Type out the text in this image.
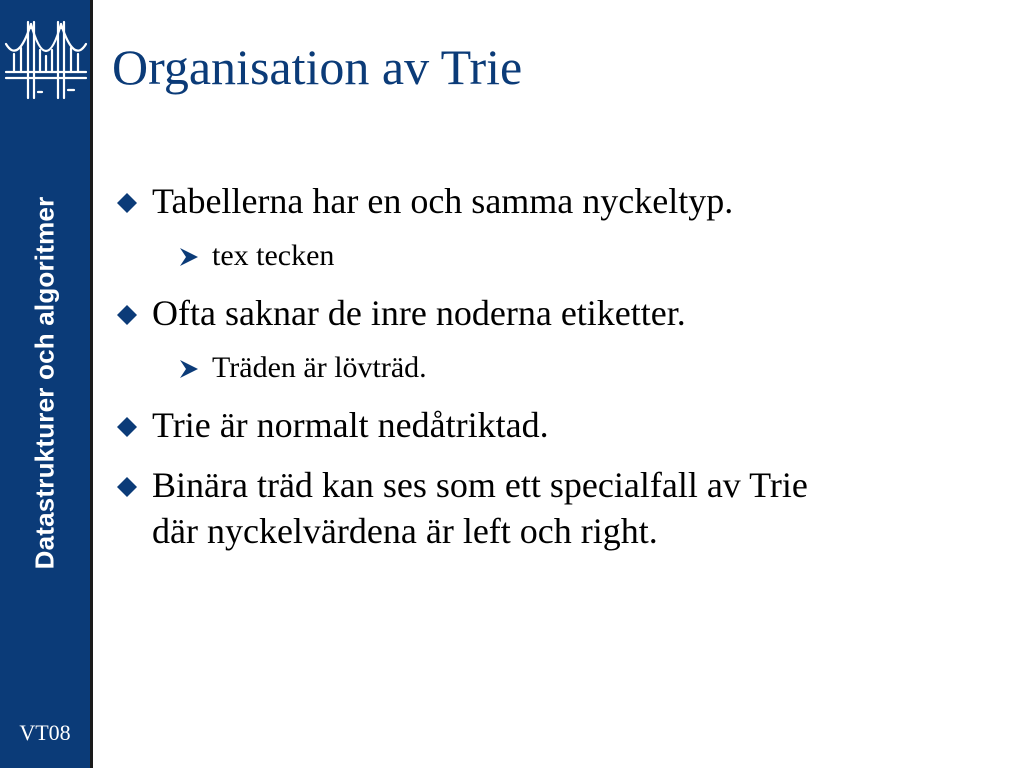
Datastrukturer och algoritmer
VT08
Organisation av Trie
Tabellerna har en och samma nyckeltyp.
tex tecken
Ofta saknar de inre noderna etiketter.
Träden är lövträd.
Trie är normalt nedåtriktad.
Binära träd kan ses som ett specialfall av Trie
där nyckelvärdena är left och right.
